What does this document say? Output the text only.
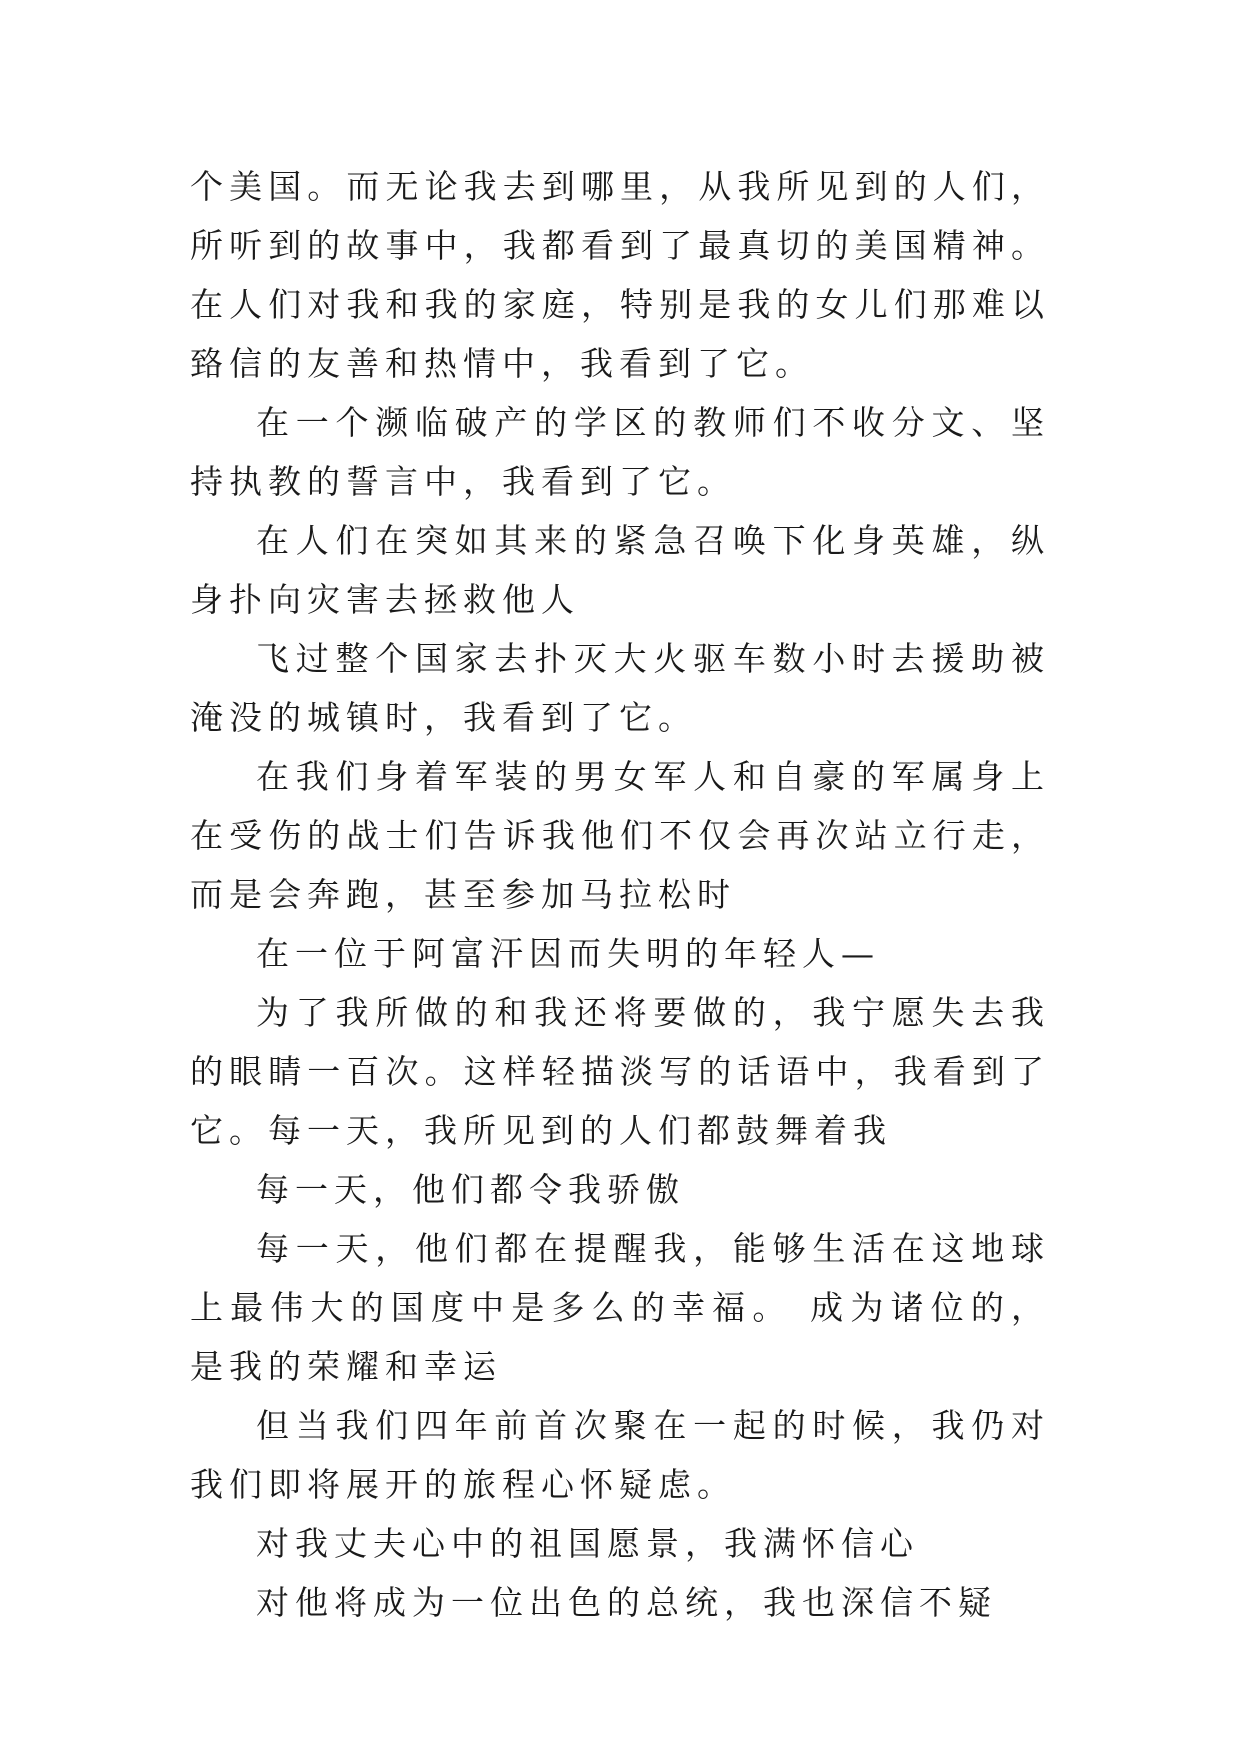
个美国。而无论我去到哪里，从我所见到的人们，所听到的故事中，我都看到了最真切的美国精神。在人们对我和我的家庭，特别是我的女儿们那难以臵信的友善和热情中，我看到了它。

在一个濒临破产的学区的教师们不收分文、坚持执教的誓言中，我看到了它。

在人们在突如其来的紧急召唤下化身英雄，纵身扑向灾害去拯救他人

飞过整个国家去扑灭大火驱车数小时去援助被淹没的城镇时，我看到了它。

在我们身着军装的男女军人和自豪的军属身上在受伤的战士们告诉我他们不仅会再次站立行走，而是会奔跑，甚至参加马拉松时

在一位于阿富汗因而失明的年轻人—

为了我所做的和我还将要做的，我宁愿失去我的眼睛一百次。这样轻描淡写的话语中，我看到了它。每一天，我所见到的人们都鼓舞着我

每一天，他们都令我骄傲

每一天，他们都在提醒我，能够生活在这地球上最伟大的国度中是多么的幸福。 成为诸位的，是我的荣耀和幸运

但当我们四年前首次聚在一起的时候，我仍对我们即将展开的旅程心怀疑虑。

对我丈夫心中的祖国愿景，我满怀信心

对他将成为一位出色的总统，我也深信不疑
